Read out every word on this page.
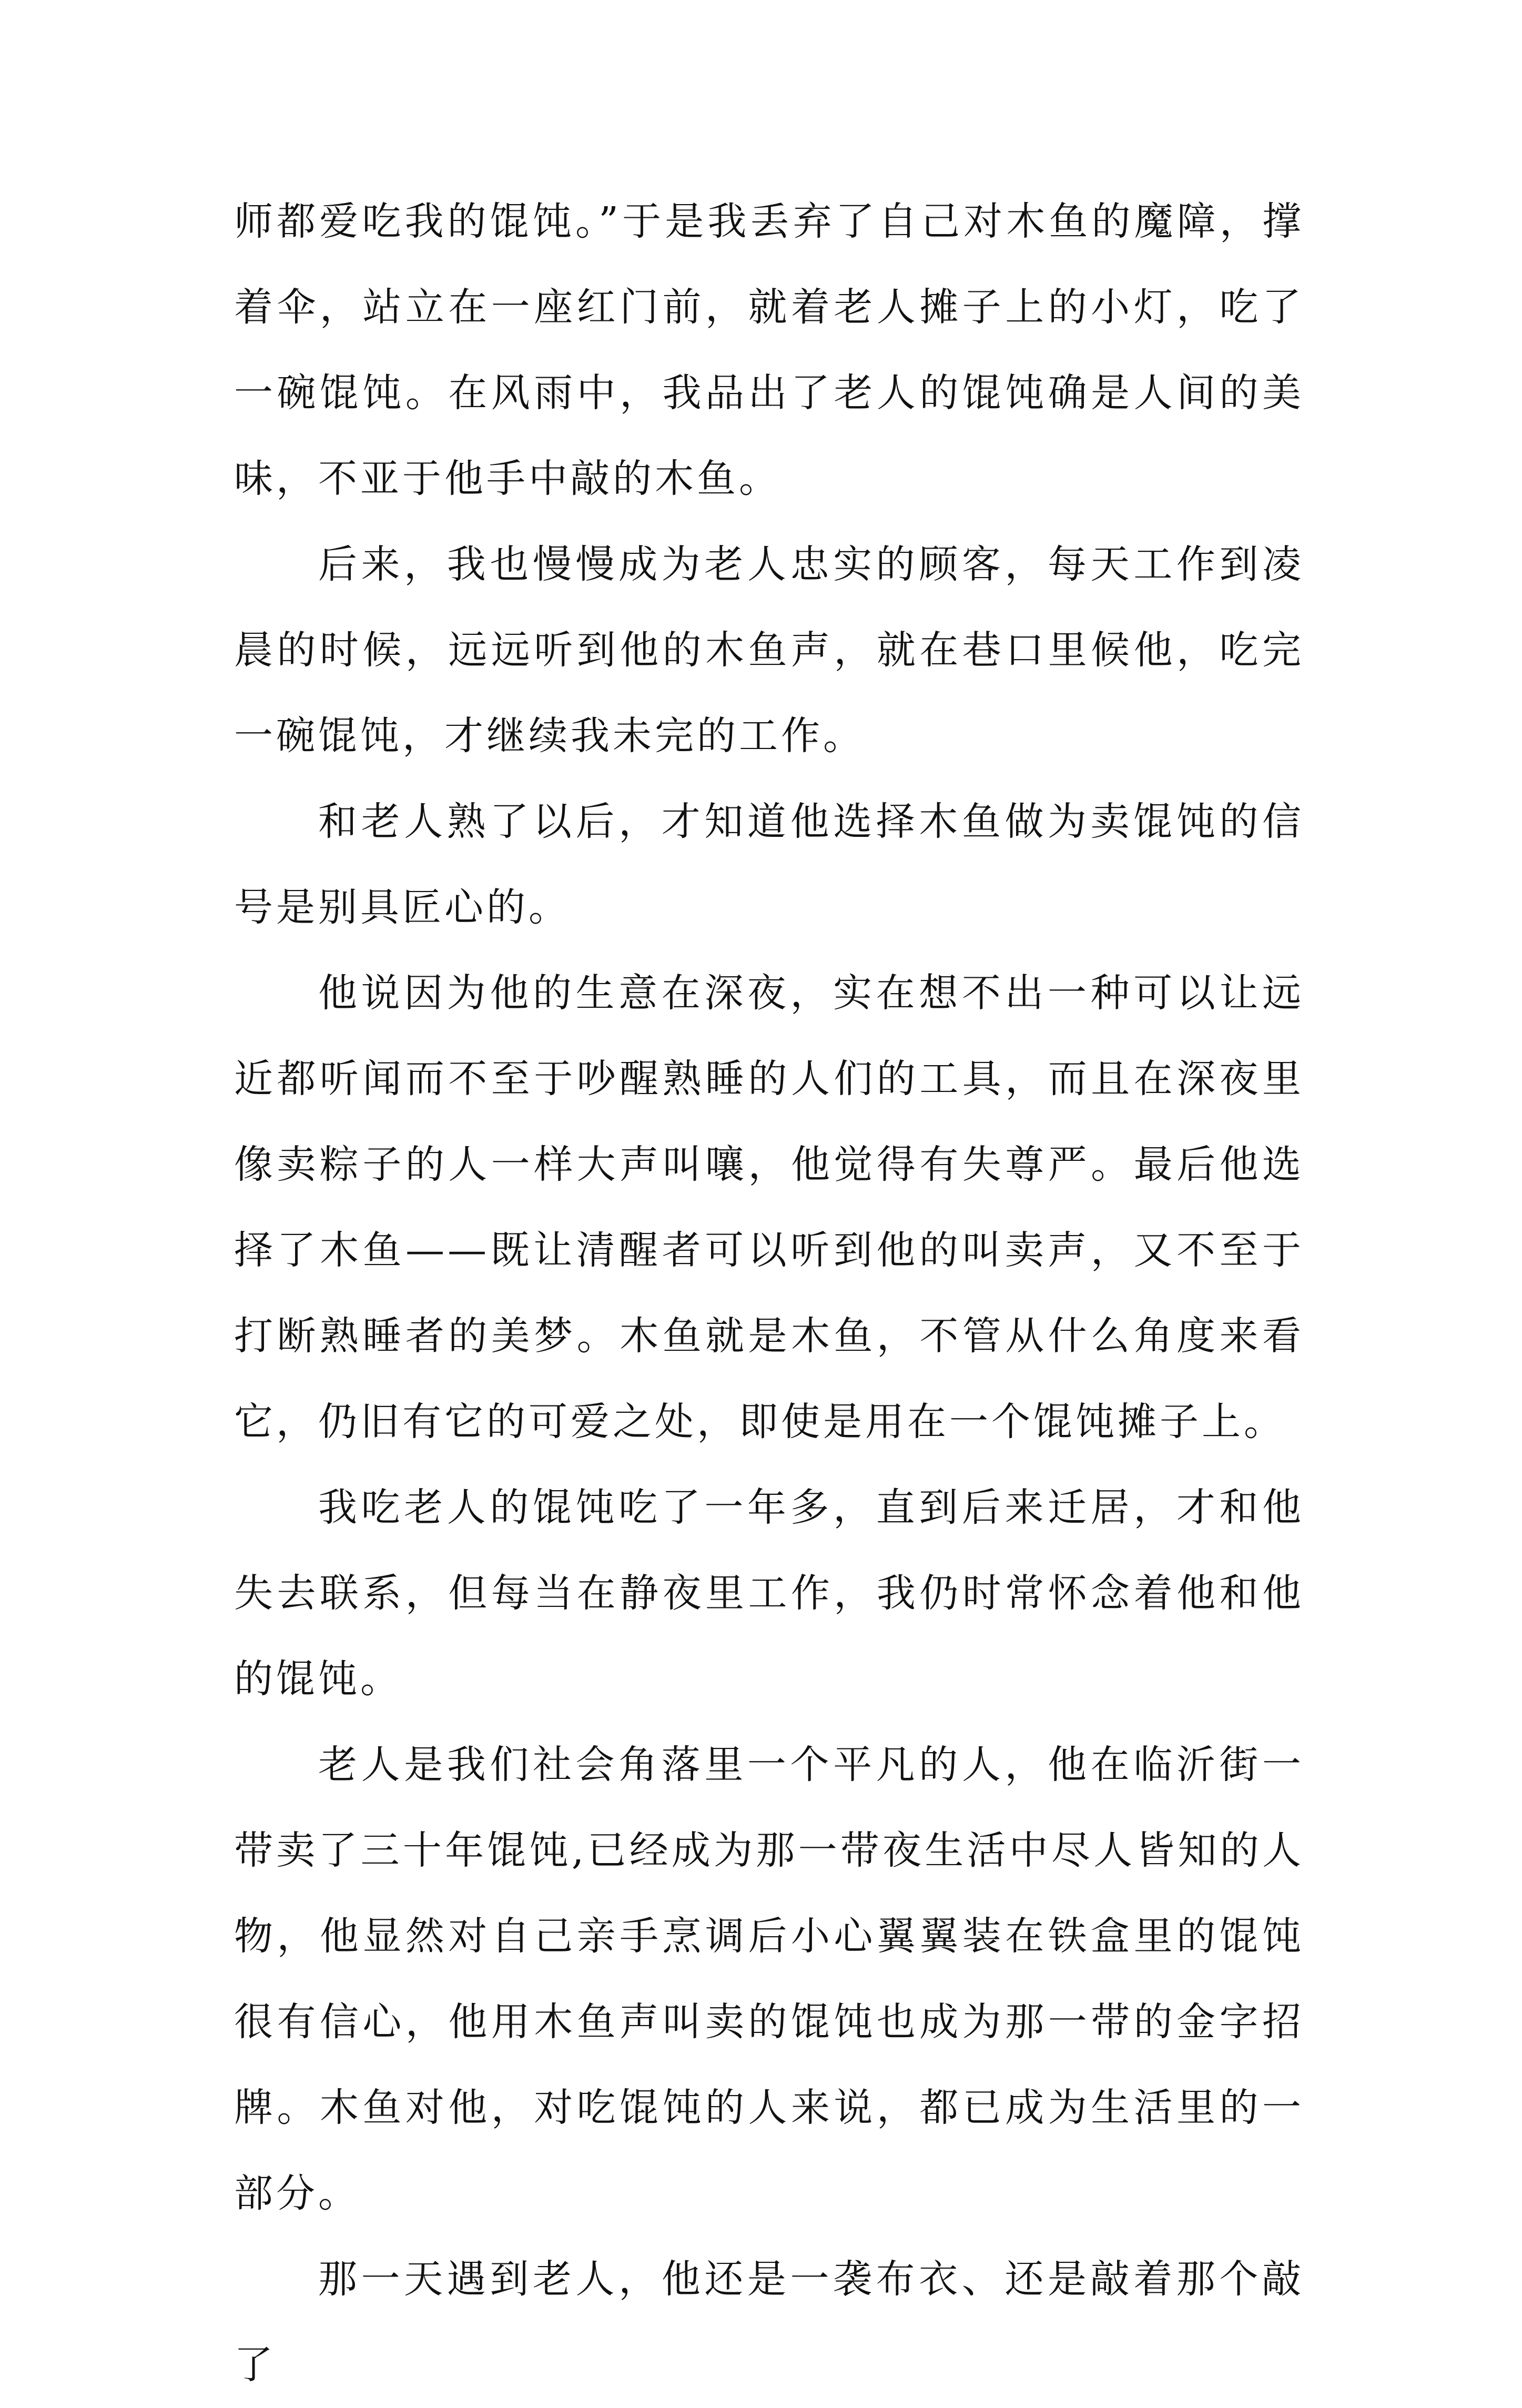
师都爱吃我的馄饨。”于是我丢弃了自己对木鱼的魔障，撑着伞，站立在一座红门前，就着老人摊子上的小灯，吃了一碗馄饨。在风雨中，我品出了老人的馄饨确是人间的美味，不亚于他手中敲的木鱼。

后来，我也慢慢成为老人忠实的顾客，每天工作到凌晨的时候，远远听到他的木鱼声，就在巷口里候他，吃完一碗馄饨，才继续我未完的工作。

和老人熟了以后，才知道他选择木鱼做为卖馄饨的信号是别具匠心的。

他说因为他的生意在深夜，实在想不出一种可以让远近都听闻而不至于吵醒熟睡的人们的工具，而且在深夜里像卖粽子的人一样大声叫嚷，他觉得有失尊严。最后他选择了木鱼——既让清醒者可以听到他的叫卖声，又不至于打断熟睡者的美梦。木鱼就是木鱼，不管从什么角度来看它，仍旧有它的可爱之处，即使是用在一个馄饨摊子上。

我吃老人的馄饨吃了一年多，直到后来迁居，才和他失去联系，但每当在静夜里工作，我仍时常怀念着他和他的馄饨。

老人是我们社会角落里一个平凡的人，他在临沂街一带卖了三十年馄饨,已经成为那一带夜生活中尽人皆知的人物，他显然对自己亲手烹调后小心翼翼装在铁盒里的馄饨很有信心，他用木鱼声叫卖的馄饨也成为那一带的金字招牌。木鱼对他，对吃馄饨的人来说，都已成为生活里的一部分。

那一天遇到老人，他还是一袭布衣、还是敲着那个敲了
